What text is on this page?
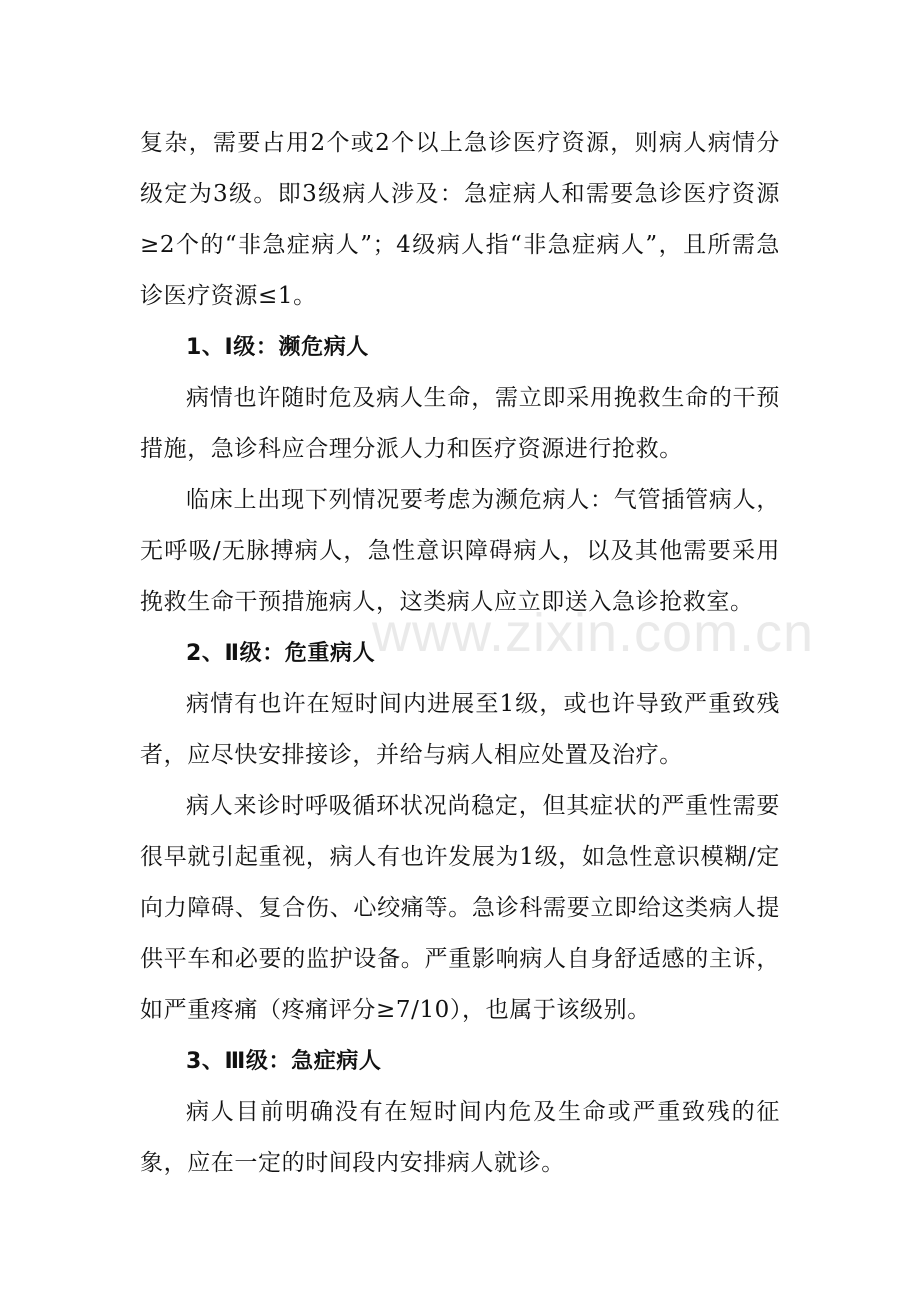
复杂，需要占用2个或2个以上急诊医疗资源，则病人病情分级定为3级。即3级病人涉及：急症病人和需要急诊医疗资源≥2个的“非急症病人”；4级病人指“非急症病人”，且所需急诊医疗资源≤1。

1、Ⅰ级：濒危病人

病情也许随时危及病人生命，需立即采用挽救生命的干预措施，急诊科应合理分派人力和医疗资源进行抢救。

临床上出现下列情况要考虑为濒危病人：气管插管病人，无呼吸/无脉搏病人，急性意识障碍病人，以及其他需要采用挽救生命干预措施病人，这类病人应立即送入急诊抢救室。

2、Ⅱ级：危重病人

病情有也许在短时间内进展至1级，或也许导致严重致残者，应尽快安排接诊，并给与病人相应处置及治疗。

病人来诊时呼吸循环状况尚稳定，但其症状的严重性需要很早就引起重视，病人有也许发展为1级，如急性意识模糊/定向力障碍、复合伤、心绞痛等。急诊科需要立即给这类病人提供平车和必要的监护设备。严重影响病人自身舒适感的主诉，如严重疼痛（疼痛评分≥7/10），也属于该级别。

3、Ⅲ级：急症病人

病人目前明确没有在短时间内危及生命或严重致残的征象，应在一定的时间段内安排病人就诊。

www.zixin.com.cn
